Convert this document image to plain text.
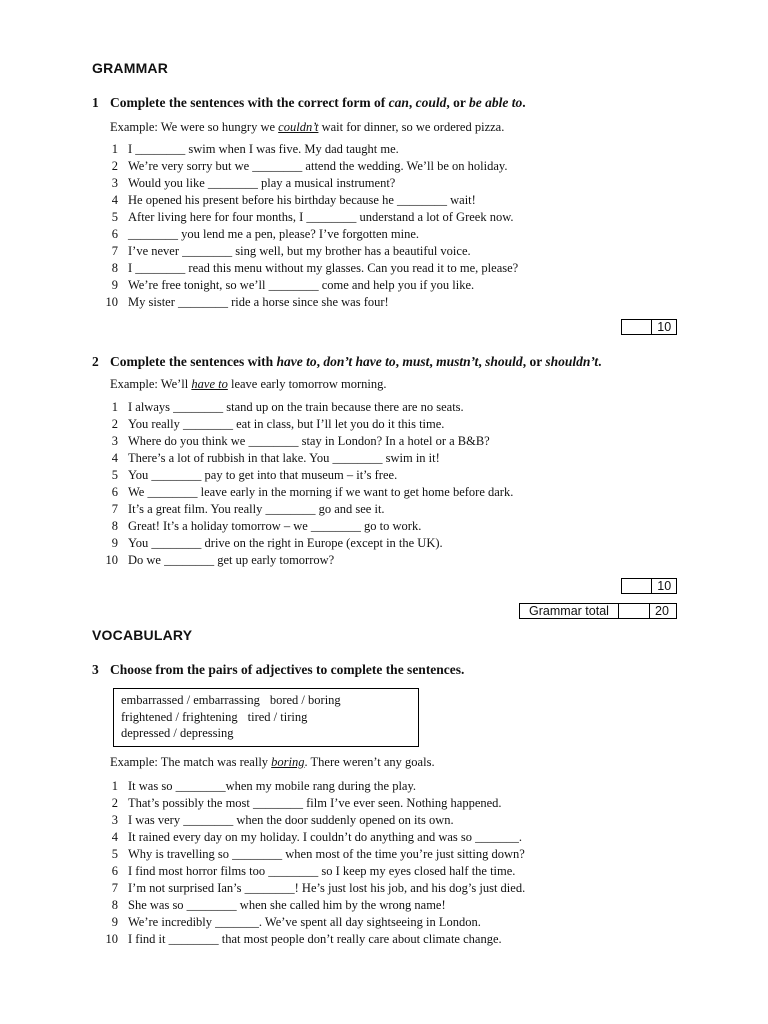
GRAMMAR
1 Complete the sentences with the correct form of can, could, or be able to.
Example: We were so hungry we couldn’t wait for dinner, so we ordered pizza.
1 I ________ swim when I was five. My dad taught me.
2 We’re very sorry but we ________ attend the wedding. We’ll be on holiday.
3 Would you like ________ play a musical instrument?
4 He opened his present before his birthday because he ________ wait!
5 After living here for four months, I ________ understand a lot of Greek now.
6 ________ you lend me a pen, please? I’ve forgotten mine.
7 I’ve never ________ sing well, but my brother has a beautiful voice.
8 I ________ read this menu without my glasses. Can you read it to me, please?
9 We’re free tonight, so we’ll ________ come and help you if you like.
10 My sister ________ ride a horse since she was four!
10
2 Complete the sentences with have to, don’t have to, must, mustn’t, should, or shouldn’t.
Example: We’ll have to leave early tomorrow morning.
1 I always ________ stand up on the train because there are no seats.
2 You really ________ eat in class, but I’ll let you do it this time.
3 Where do you think we ________ stay in London? In a hotel or a B&B?
4 There’s a lot of rubbish in that lake. You ________ swim in it!
5 You ________ pay to get into that museum – it’s free.
6 We ________ leave early in the morning if we want to get home before dark.
7 It’s a great film. You really ________ go and see it.
8 Great! It’s a holiday tomorrow – we ________ go to work.
9 You ________ drive on the right in Europe (except in the UK).
10 Do we ________ get up early tomorrow?
10
Grammar total	20
VOCABULARY
3 Choose from the pairs of adjectives to complete the sentences.
embarrassed / embarrassing bored / boring
frightened / frightening tired / tiring
depressed / depressing
Example: The match was really boring. There weren’t any goals.
1 It was so ________when my mobile rang during the play.
2 That’s possibly the most ________ film I’ve ever seen. Nothing happened.
3 I was very ________ when the door suddenly opened on its own.
4 It rained every day on my holiday. I couldn’t do anything and was so _______.
5 Why is travelling so ________ when most of the time you’re just sitting down?
6 I find most horror films too ________ so I keep my eyes closed half the time.
7 I’m not surprised Ian’s ________! He’s just lost his job, and his dog’s just died.
8 She was so ________ when she called him by the wrong name!
9 We’re incredibly _______. We’ve spent all day sightseeing in London.
10 I find it ________ that most people don’t really care about climate change.
